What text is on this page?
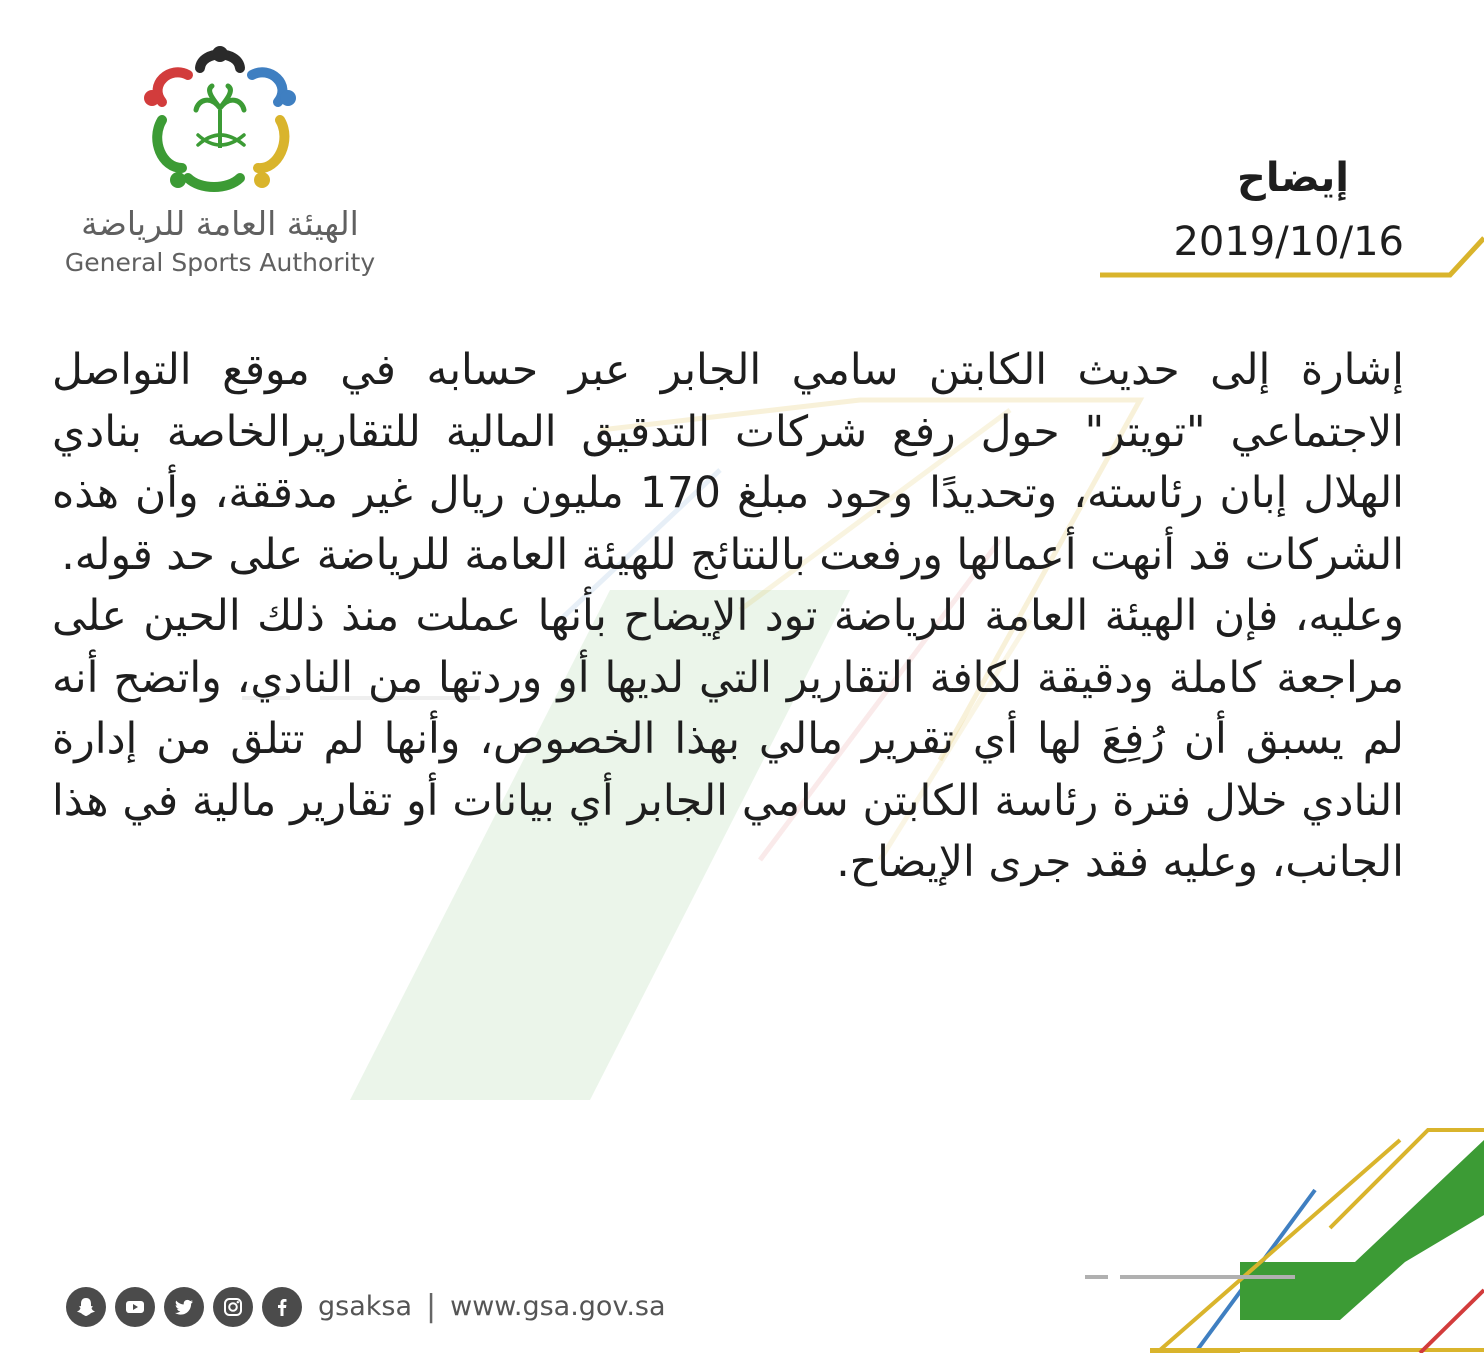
الهيئة العامة للرياضة
General Sports Authority
إيضاح
2019/10/16

إشارة إلى حديث الكابتن سامي الجابر عبر حسابه في موقع التواصل الاجتماعي "تويتر" حول رفع شركات التدقيق المالية للتقاريرالخاصة بنادي الهلال إبان رئاسته، وتحديدًا وجود مبلغ 170 مليون ريال غير مدققة، وأن هذه الشركات قد أنهت أعمالها ورفعت بالنتائج للهيئة العامة للرياضة على حد قوله.

وعليه، فإن الهيئة العامة للرياضة تود الإيضاح بأنها عملت منذ ذلك الحين على مراجعة كاملة ودقيقة لكافة التقارير التي لديها أو وردتها من النادي، واتضح أنه لم يسبق أن رُفِعَ لها أي تقرير مالي بهذا الخصوص، وأنها لم تتلق من إدارة النادي خلال فترة رئاسة الكابتن سامي الجابر أي بيانات أو تقارير مالية في هذا الجانب، وعليه فقد جرى الإيضاح.

gsaksa | www.gsa.gov.sa
